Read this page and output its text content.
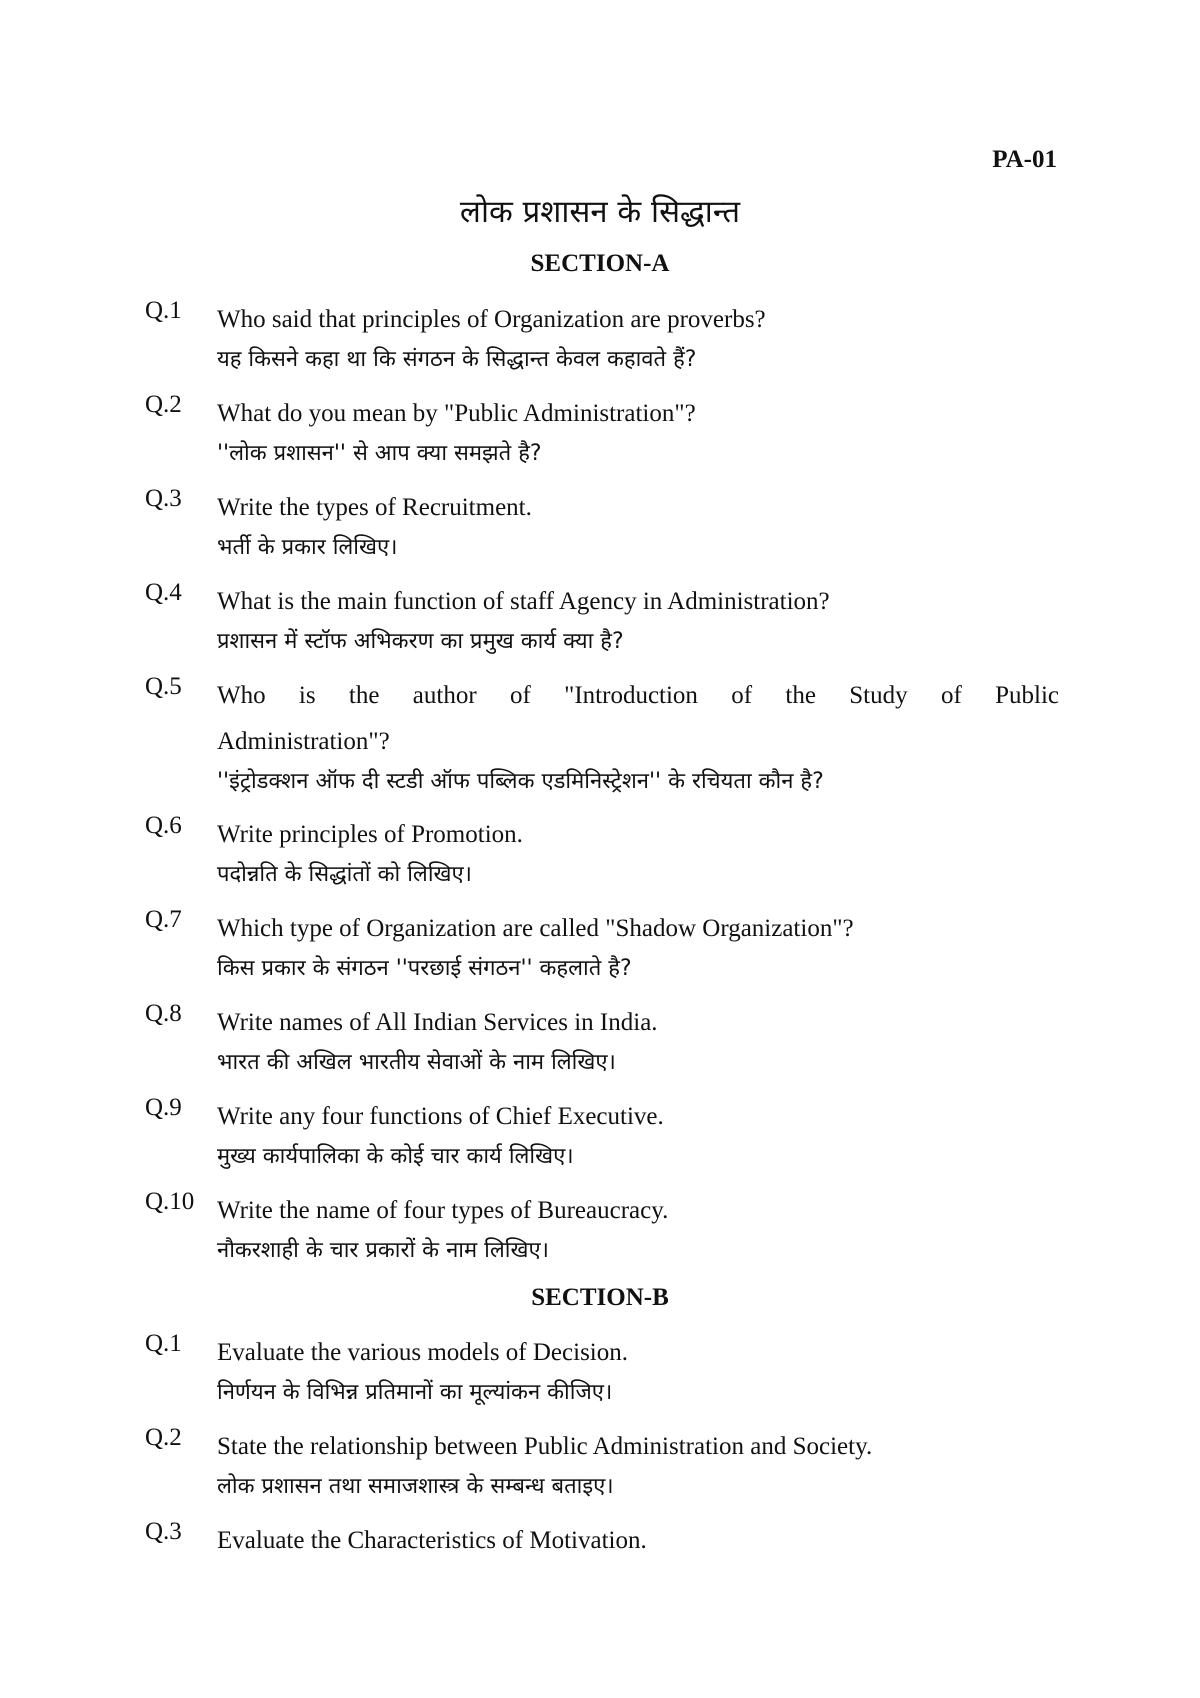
PA-01
लोक प्रशासन के सिद्धान्त
SECTION-A
Q.1 Who said that principles of Organization are proverbs?
यह किसने कहा था कि संगठन के सिद्धान्त केवल कहावते हैं?
Q.2 What do you mean by "Public Administration"?
''लोक प्रशासन'' से आप क्या समझते है?
Q.3 Write the types of Recruitment.
भर्ती के प्रकार लिखिए।
Q.4 What is the main function of staff Agency in Administration?
प्रशासन में स्टॉफ अभिकरण का प्रमुख कार्य क्या है?
Q.5 Who is the author of "Introduction of the Study of Public
Administration"?
''इंट्रोडक्शन ऑफ दी स्टडी ऑफ पब्लिक एडमिनिस्ट्रेशन'' के रचियता कौन है?
Q.6 Write principles of Promotion.
पदोन्नति के सिद्धांतों को लिखिए।
Q.7 Which type of Organization are called "Shadow Organization"?
किस प्रकार के संगठन ''परछाई संगठन'' कहलाते है?
Q.8 Write names of All Indian Services in India.
भारत की अखिल भारतीय सेवाओं के नाम लिखिए।
Q.9 Write any four functions of Chief Executive.
मुख्य कार्यपालिका के कोई चार कार्य लिखिए।
Q.10 Write the name of four types of Bureaucracy.
नौकरशाही के चार प्रकारों के नाम लिखिए।
SECTION-B
Q.1 Evaluate the various models of Decision.
निर्णयन के विभिन्न प्रतिमानों का मूल्यांकन कीजिए।
Q.2 State the relationship between Public Administration and Society.
लोक प्रशासन तथा समाजशास्त्र के सम्बन्ध बताइए।
Q.3 Evaluate the Characteristics of Motivation.
